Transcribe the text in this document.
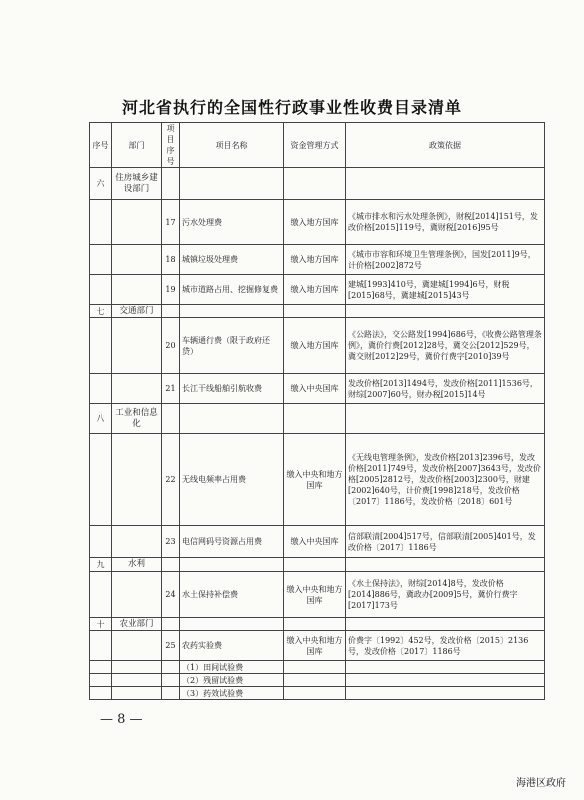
河北省执行的全国性行政事业性收费目录清单
序号	部门	项目序号	项目名称	资金管理方式	政策依据
六	住房城乡建设部门				
		17	污水处理费	缴入地方国库	《城市排水和污水处理条例》，财税[2014]151号，发改价格[2015]119号，冀财税[2016]95号
		18	城镇垃圾处理费	缴入地方国库	《城市市容和环境卫生管理条例》，国发[2011]9号，计价格[2002]872号
		19	城市道路占用、挖掘修复费	缴入地方国库	建城[1993]410号，冀建城[1994]6号，财税[2015]68号，冀建城[2015]43号
七	交通部门				
		20	车辆通行费（限于政府还贷）	缴入地方国库	《公路法》，交公路发[1994]686号，《收费公路管理条例》，冀价行费[2012]28号，冀交公[2012]529号，冀交财[2012]29号，冀价行费字[2010]39号
		21	长江干线船舶引航收费	缴入中央国库	发改价格[2013]1494号，发改价格[2011]1536号，财综[2007]60号，财办税[2015]14号
八	工业和信息化				
		22	无线电频率占用费	缴入中央和地方国库	《无线电管理条例》，发改价格[2013]2396号，发改价格[2011]749号，发改价格[2007]3643号，发改价格[2005]2812号，发改价格[2003]2300号，财建[2002]640号，计价费[1998]218号，发改价格〔2017〕1186号，发改价格〔2018〕601号
		23	电信网码号资源占用费	缴入中央国库	信部联清[2004]517号，信部联清[2005]401号，发改价格〔2017〕1186号
九	水利				
		24	水土保持补偿费	缴入中央和地方国库	《水土保持法》，财综[2014]8号，发改价格[2014]886号，冀政办[2009]5号，冀价行费字[2017]173号
十	农业部门				
		25	农药实验费	缴入中央和地方国库	价费字〔1992〕452号，发改价格〔2015〕2136号，发改价格〔2017〕1186号
			（1）田间试验费		
			（2）残留试验费		
			（3）药效试验费		
— 8 —
海港区政府
